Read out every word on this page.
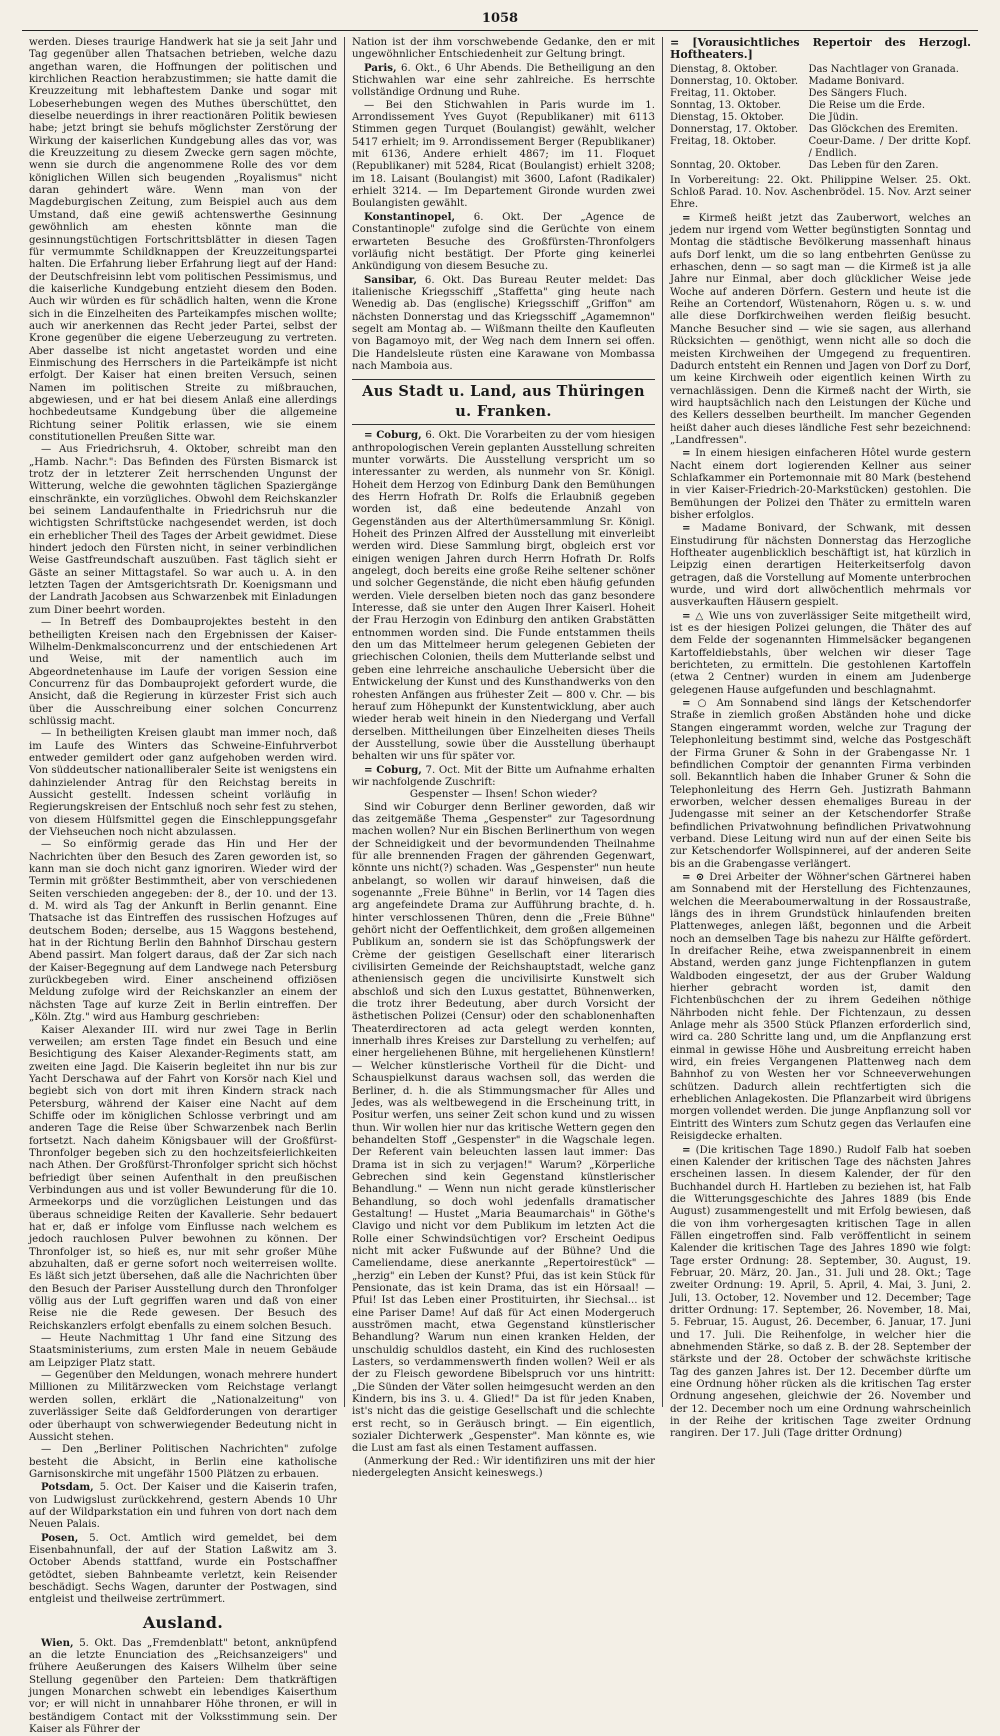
1058

werden. Dieses traurige Handwerk hat sie ja seit Jahr und Tag gegenüber allen Thatsachen betrieben, welche dazu angethan waren, die Hoffnungen der politischen und kirchlichen Reaction herabzustimmen; sie hatte damit die Kreuzzeitung mit lebhaftestem Danke und sogar mit Lobeserhebungen wegen des Muthes überschüttet, den dieselbe neuerdings in ihrer reactionären Politik bewiesen habe; jetzt bringt sie behufs möglichster Zerstörung der Wirkung der kaiserlichen Kundgebung alles das vor, was die Kreuzzeitung zu diesem Zwecke gern sagen möchte, wenn sie durch die angenommene Rolle des vor dem königlichen Willen sich beugenden „Royalismus" nicht daran gehindert wäre. Wenn man von der Magdeburgischen Zeitung, zum Beispiel auch aus dem Umstand, daß eine gewiß achtenswerthe Gesinnung gewöhnlich am ehesten könnte man die gesinnungstüchtigen Fortschrittsblätter in diesen Tagen für vermummte Schildknappen der Kreuzzeitungspartei halten. Die Erfahrung lieber Erfahrung liegt auf der Hand: der Deutschfreisinn lebt vom politischen Pessimismus, und die kaiserliche Kundgebung entzieht diesem den Boden. Auch wir würden es für schädlich halten, wenn die Krone sich in die Einzelheiten des Parteikampfes mischen wollte; auch wir anerkennen das Recht jeder Partei, selbst der Krone gegenüber die eigene Ueberzeugung zu vertreten. Aber dasselbe ist nicht angetastet worden und eine Einmischung des Herrschers in die Parteikämpfe ist nicht erfolgt. Der Kaiser hat einen breiten Versuch, seinen Namen im politischen Streite zu mißbrauchen, abgewiesen, und er hat bei diesem Anlaß eine allerdings hochbedeutsame Kundgebung über die allgemeine Richtung seiner Politik erlassen, wie sie einem constitutionellen Preußen Sitte war.

— Aus Friedrichsruh, 4. Oktober, schreibt man den „Hamb. Nachr.": Das Befinden des Fürsten Bismarck ist trotz der in letzterer Zeit herrschenden Ungunst der Witterung, welche die gewohnten täglichen Spaziergänge einschränkte, ein vorzügliches. Obwohl dem Reichskanzler bei seinem Landaufenthalte in Friedrichsruh nur die wichtigsten Schriftstücke nachgesendet werden, ist doch ein erheblicher Theil des Tages der Arbeit gewidmet. Diese hindert jedoch den Fürsten nicht, in seiner verbindlichen Weise Gastfreundschaft auszuüben. Fast täglich sieht er Gäste an seiner Mittagstafel. So war auch u. A. in den letzten Tagen der Amtsgerichtsrath Dr. Koenigsmann und der Landrath Jacobsen aus Schwarzenbek mit Einladungen zum Diner beehrt worden.

— In Betreff des Dombauprojektes besteht in den betheiligten Kreisen nach den Ergebnissen der Kaiser-Wilhelm-Denkmalsconcurrenz und der entschiedenen Art und Weise, mit der namentlich auch im Abgeordnetenhause im Laufe der vorigen Session eine Concurrenz für das Dombauprojekt gefordert wurde, die Ansicht, daß die Regierung in kürzester Frist sich auch über die Ausschreibung einer solchen Concurrenz schlüssig macht.

— In betheiligten Kreisen glaubt man immer noch, daß im Laufe des Winters das Schweine-Einfuhrverbot entweder gemildert oder ganz aufgehoben werden wird. Von süddeutscher nationalliberaler Seite ist wenigstens ein dahinzielender Antrag für den Reichstag bereits in Aussicht gestellt. Indessen scheint vorläufig in Regierungskreisen der Entschluß noch sehr fest zu stehen, von diesem Hülfsmittel gegen die Einschleppungsgefahr der Viehseuchen noch nicht abzulassen.

— So einförmig gerade das Hin und Her der Nachrichten über den Besuch des Zaren geworden ist, so kann man sie doch nicht ganz ignoriren. Wieder wird der Termin mit größter Bestimmtheit, aber von verschiedenen Seiten verschieden angegeben: der 8., der 10. und der 13. d. M. wird als Tag der Ankunft in Berlin genannt. Eine Thatsache ist das Eintreffen des russischen Hofzuges auf deutschem Boden; derselbe, aus 15 Waggons bestehend, hat in der Richtung Berlin den Bahnhof Dirschau gestern Abend passirt. Man folgert daraus, daß der Zar sich nach der Kaiser-Begegnung auf dem Landwege nach Petersburg zurückbegeben wird. Einer anscheinend offiziösen Meldung zufolge wird der Reichskanzler an einem der nächsten Tage auf kurze Zeit in Berlin eintreffen. Der „Köln. Ztg." wird aus Hamburg geschrieben:

Kaiser Alexander III. wird nur zwei Tage in Berlin verweilen; am ersten Tage findet ein Besuch und eine Besichtigung des Kaiser Alexander-Regiments statt, am zweiten eine Jagd. Die Kaiserin begleitet ihn nur bis zur Yacht Derschawa auf der Fahrt von Korsör nach Kiel und begiebt sich von dort mit ihren Kindern strack nach Petersburg, während der Kaiser eine Nacht auf dem Schiffe oder im königlichen Schlosse verbringt und am anderen Tage die Reise über Schwarzenbek nach Berlin fortsetzt. Nach daheim Königsbauer will der Großfürst-Thronfolger begeben sich zu den hochzeitsfeierlichkeiten nach Athen. Der Großfürst-Thronfolger spricht sich höchst befriedigt über seinen Aufenthalt in den preußischen Verbindungen aus und ist voller Bewunderung für die 10. Armeekorps und die vorzüglichen Leistungen und das überaus schneidige Reiten der Kavallerie. Sehr bedauert hat er, daß er infolge vom Einflusse nach welchem es jedoch rauchlosen Pulver bewohnen zu können. Der Thronfolger ist, so hieß es, nur mit sehr großer Mühe abzuhalten, daß er gerne sofort noch weiterreisen wollte. Es läßt sich jetzt übersehen, daß alle die Nachrichten über den Besuch der Pariser Ausstellung durch den Thronfolger völlig aus der Luft gegriffen waren und daß von einer Reise nie die Rede gewesen. Der Besuch des Reichskanzlers erfolgt ebenfalls zu einem solchen Besuch.

— Heute Nachmittag 1 Uhr fand eine Sitzung des Staatsministeriums, zum ersten Male in neuem Gebäude am Leipziger Platz statt.

— Gegenüber den Meldungen, wonach mehrere hundert Millionen zu Militärzwecken vom Reichstage verlangt werden sollen, erklärt die „Nationalzeitung" von zuverlässiger Seite daß Geldforderungen von derartiger oder überhaupt von schwerwiegender Bedeutung nicht in Aussicht stehen.

— Den „Berliner Politischen Nachrichten" zufolge besteht die Absicht, in Berlin eine katholische Garnisonskirche mit ungefähr 1500 Plätzen zu erbauen.

Potsdam, 5. Oct. Der Kaiser und die Kaiserin trafen, von Ludwigslust zurückkehrend, gestern Abends 10 Uhr auf der Wildparkstation ein und fuhren von dort nach dem Neuen Palais.

Posen, 5. Oct. Amtlich wird gemeldet, bei dem Eisenbahnunfall, der auf der Station Laßwitz am 3. October Abends stattfand, wurde ein Postschaffner getödtet, sieben Bahnbeamte verletzt, kein Reisender beschädigt. Sechs Wagen, darunter der Postwagen, sind entgleist und theilweise zertrümmert.

Ausland.

Wien, 5. Okt. Das „Fremdenblatt" betont, anknüpfend an die letzte Enunciation des „Reichsanzeigers" und frühere Aeußerungen des Kaisers Wilhelm über seine Stellung gegenüber den Parteien: Dem thatkräftigen jungen Monarchen schwebt ein lebendiges Kaiserthum vor; er will nicht in unnahbarer Höhe thronen, er will in beständigem Contact mit der Volksstimmung sein. Der Kaiser als Führer der

Nation ist der ihm vorschwebende Gedanke, den er mit ungewöhnlicher Entschiedenheit zur Geltung bringt.

Paris, 6. Okt., 6 Uhr Abends. Die Betheiligung an den Stichwahlen war eine sehr zahlreiche. Es herrschte vollständige Ordnung und Ruhe.

— Bei den Stichwahlen in Paris wurde im 1. Arrondissement Yves Guyot (Republikaner) mit 6113 Stimmen gegen Turquet (Boulangist) gewählt, welcher 5417 erhielt; im 9. Arrondissement Berger (Republikaner) mit 6136, Andere erhielt 4867; im 11. Floquet (Republikaner) mit 5284, Ricat (Boulangist) erhielt 3208; im 18. Laisant (Boulangist) mit 3600, Lafont (Radikaler) erhielt 3214. — Im Departement Gironde wurden zwei Boulangisten gewählt.

Konstantinopel, 6. Okt. Der „Agence de Constantinople" zufolge sind die Gerüchte von einem erwarteten Besuche des Großfürsten-Thronfolgers vorläufig nicht bestätigt. Der Pforte ging keinerlei Ankündigung von diesem Besuche zu.

Sansibar, 6. Okt. Das Bureau Reuter meldet: Das italienische Kriegsschiff „Staffetta" ging heute nach Wenedig ab. Das (englische) Kriegsschiff „Griffon" am nächsten Donnerstag und das Kriegsschiff „Agamemnon" segelt am Montag ab. — Wißmann theilte den Kaufleuten von Bagamoyo mit, der Weg nach dem Innern sei offen. Die Handelsleute rüsten eine Karawane von Mombassa nach Mamboia aus.

Aus Stadt u. Land, aus Thüringen u. Franken.

= Coburg, 6. Okt. Die Vorarbeiten zu der vom hiesigen anthropologischen Verein geplanten Ausstellung schreiten munter vorwärts. Die Ausstellung verspricht um so interessanter zu werden, als nunmehr von Sr. Königl. Hoheit dem Herzog von Edinburg Dank den Bemühungen des Herrn Hofrath Dr. Rolfs die Erlaubniß gegeben worden ist, daß eine bedeutende Anzahl von Gegenständen aus der Alterthümersammlung Sr. Königl. Hoheit des Prinzen Alfred der Ausstellung mit einverleibt werden wird. Diese Sammlung birgt, obgleich erst vor einigen wenigen Jahren durch Herrn Hofrath Dr. Rolfs angelegt, doch bereits eine große Reihe seltener schöner und solcher Gegenstände, die nicht eben häufig gefunden werden. Viele derselben bieten noch das ganz besondere Interesse, daß sie unter den Augen Ihrer Kaiserl. Hoheit der Frau Herzogin von Edinburg den antiken Grabstätten entnommen worden sind. Die Funde entstammen theils den um das Mittelmeer herum gelegenen Gebieten der griechischen Colonien, theils dem Mutterlande selbst und geben eine lehrreiche anschauliche Uebersicht über die Entwickelung der Kunst und des Kunsthandwerks von den rohesten Anfängen aus frühester Zeit — 800 v. Chr. — bis herauf zum Höhepunkt der Kunstentwicklung, aber auch wieder herab weit hinein in den Niedergang und Verfall derselben. Mittheilungen über Einzelheiten dieses Theils der Ausstellung, sowie über die Ausstellung überhaupt behalten wir uns für später vor.

= Coburg, 7. Oct. Mit der Bitte um Aufnahme erhalten wir nachfolgende Zuschrift:

Gespenster — Ihsen! Schon wieder?

Sind wir Coburger denn Berliner geworden, daß wir das zeitgemäße Thema „Gespenster" zur Tagesordnung machen wollen? Nur ein Bischen Berlinerthum von wegen der Schneidigkeit und der bevormundenden Theilnahme für alle brennenden Fragen der gährenden Gegenwart, könnte uns nicht(?) schaden. Was „Gespenster" nun heute anbelangt, so wollen wir darauf hinweisen, daß die sogenannte „Freie Bühne" in Berlin, vor 14 Tagen dies arg angefeindete Drama zur Aufführung brachte, d. h. hinter verschlossenen Thüren, denn die „Freie Bühne" gehört nicht der Oeffentlichkeit, dem großen allgemeinen Publikum an, sondern sie ist das Schöpfungswerk der Crème der geistigen Gesellschaft einer literarisch civilisirten Gemeinde der Reichshauptstadt, welche ganz atheniensisch gegen die uncivilisirte Kunstwelt sich abschloß und sich den Luxus gestattet, Bühnenwerken, die trotz ihrer Bedeutung, aber durch Vorsicht der ästhetischen Polizei (Censur) oder den schablonenhaften Theaterdirectoren ad acta gelegt werden konnten, innerhalb ihres Kreises zur Darstellung zu verhelfen; auf einer hergeliehenen Bühne, mit hergeliehenen Künstlern! — Welcher künstlerische Vortheil für die Dicht- und Schauspielkunst daraus wachsen soll, das werden die Berliner, d. h. die als Stimmungsmacher für Alles und Jedes, was als weltbewegend in die Erscheinung tritt, in Positur werfen, uns seiner Zeit schon kund und zu wissen thun. Wir wollen hier nur das kritische Wettern gegen den behandelten Stoff „Gespenster" in die Wagschale legen. Der Referent vain beleuchten lassen laut immer: Das Drama ist in sich zu verjagen!" Warum? „Körperliche Gebrechen sind kein Gegenstand künstlerischer Behandlung." — Wenn nun nicht gerade künstlerischer Behandlung, so doch wohl jedenfalls dramatischer Gestaltung! — Hustet „Maria Beaumarchais" in Göthe's Clavigo und nicht vor dem Publikum im letzten Act die Rolle einer Schwindsüchtigen vor? Erscheint Oedipus nicht mit acker Fußwunde auf der Bühne? Und die Cameliendame, diese anerkannte „Repertoirestück" — „herzig" ein Leben der Kunst? Pfui, das ist kein Stück für Pensionate, das ist kein Drama, das ist ein Hörsaal! — Pfui! Ist das Leben einer Prostituirten, ihr Siechsal... ist eine Pariser Dame! Auf daß für Act einen Modergeruch ausströmen macht, etwa Gegenstand künstlerischer Behandlung? Warum nun einen kranken Helden, der unschuldig schuldlos dasteht, ein Kind des ruchlosesten Lasters, so verdammenswerth finden wollen? Weil er als der zu Fleisch gewordene Bibelspruch vor uns hintritt: „Die Sünden der Väter sollen heimgesucht werden an den Kindern, bis ins 3. u. 4. Glied!" Da ist für jeden Knaben, ist's nicht das die geistige Gesellschaft und die schlechte erst recht, so in Geräusch bringt. — Ein eigentlich, sozialer Dichterwerk „Gespenster". Man könnte es, wie die Lust am fast als einen Testament auffassen.

(Anmerkung der Red.: Wir identifiziren uns mit der hier niedergelegten Ansicht keineswegs.)

= [Vorausichtliches Repertoir des Herzogl. Hoftheaters.]
Dienstag, 8. Oktober.	Das Nachtlager von Granada.
Donnerstag, 10. Oktober.	Madame Bonivard.
Freitag, 11. Oktober.	Des Sängers Fluch.
Sonntag, 13. Oktober.	Die Reise um die Erde.
Dienstag, 15. Oktober.	Die Jüdin.
Donnerstag, 17. Oktober.	Das Glöckchen des Eremiten.
Freitag, 18. Oktober.	Coeur-Dame. / Der dritte Kopf. / Endlich.
Sonntag, 20. Oktober.	Das Leben für den Zaren.

In Vorbereitung: 22. Okt. Philippine Welser. 25. Okt. Schloß Parad. 10. Nov. Aschenbrödel. 15. Nov. Arzt seiner Ehre.

= Kirmeß heißt jetzt das Zauberwort, welches an jedem nur irgend vom Wetter begünstigten Sonntag und Montag die städtische Bevölkerung massenhaft hinaus aufs Dorf lenkt, um die so lang entbehrten Genüsse zu erhaschen, denn — so sagt man — die Kirmeß ist ja alle Jahre nur Einmal, aber doch glücklicher Weise jede Woche auf anderen Dörfern. Gestern und heute ist die Reihe an Cortendorf, Wüstenahorn, Rögen u. s. w. und alle diese Dorfkirchweihen werden fleißig besucht. Manche Besucher sind — wie sie sagen, aus allerhand Rücksichten — genöthigt, wenn nicht alle so doch die meisten Kirchweihen der Umgegend zu frequentiren. Dadurch entsteht ein Rennen und Jagen von Dorf zu Dorf, um keine Kirchweih oder eigentlich keinen Wirth zu vernachlässigen. Denn die Kirmeß nacht der Wirth, sie wird hauptsächlich nach den Leistungen der Küche und des Kellers desselben beurtheilt. Im mancher Gegenden heißt daher auch dieses ländliche Fest sehr bezeichnend: „Landfressen".

= In einem hiesigen einfacheren Hôtel wurde gestern Nacht einem dort logierenden Kellner aus seiner Schlafkammer ein Portemonnaie mit 80 Mark (bestehend in vier Kaiser-Friedrich-20-Markstücken) gestohlen. Die Bemühungen der Polizei den Thäter zu ermitteln waren bisher erfolglos.

= Madame Bonivard, der Schwank, mit dessen Einstudirung für nächsten Donnerstag das Herzogliche Hoftheater augenblicklich beschäftigt ist, hat kürzlich in Leipzig einen derartigen Heiterkeitserfolg davon getragen, daß die Vorstellung auf Momente unterbrochen wurde, und wird dort allwöchentlich mehrmals vor ausverkauften Häusern gespielt.

= △ Wie uns von zuverlässiger Seite mitgetheilt wird, ist es der hiesigen Polizei gelungen, die Thäter des auf dem Felde der sogenannten Himmelsäcker begangenen Kartoffeldiebstahls, über welchen wir dieser Tage berichteten, zu ermitteln. Die gestohlenen Kartoffeln (etwa 2 Centner) wurden in einem am Judenberge gelegenen Hause aufgefunden und beschlagnahmt.

= ○ Am Sonnabend sind längs der Ketschendorfer Straße in ziemlich großen Abständen hohe und dicke Stangen eingerammt worden, welche zur Tragung der Telephonleitung bestimmt sind, welche das Postgeschäft der Firma Gruner & Sohn in der Grabengasse Nr. 1 befindlichen Comptoir der genannten Firma verbinden soll. Bekanntlich haben die Inhaber Gruner & Sohn die Telephonleitung des Herrn Geh. Justizrath Bahmann erworben, welcher dessen ehemaliges Bureau in der Judengasse mit seiner an der Ketschendorfer Straße befindlichen Privatwohnung befindlichen Privatwohnung verband. Diese Leitung wird nun auf der einen Seite bis zur Ketschendorfer Wollspinnerei, auf der anderen Seite bis an die Grabengasse verlängert.

= ⊙ Drei Arbeiter der Wöhner'schen Gärtnerei haben am Sonnabend mit der Herstellung des Fichtenzaunes, welchen die Meeraboumerwaltung in der Rossaustraße, längs des in ihrem Grundstück hinlaufenden breiten Plattenweges, anlegen läßt, begonnen und die Arbeit noch an demselben Tage bis nahezu zur Hälfte gefördert. In dreifacher Reihe, etwa zweispannenbreit in einem Abstand, werden ganz junge Fichtenpflanzen in gutem Waldboden eingesetzt, der aus der Gruber Waldung hierher gebracht worden ist, damit den Fichtenbüschchen der zu ihrem Gedeihen nöthige Nährboden nicht fehle. Der Fichtenzaun, zu dessen Anlage mehr als 3500 Stück Pflanzen erforderlich sind, wird ca. 280 Schritte lang und, um die Anpflanzung erst einmal in gewisse Höhe und Ausbreitung erreicht haben wird, ein freies Vergangenen Plattenweg nach dem Bahnhof zu von Westen her vor Schneeverwehungen schützen. Dadurch allein rechtfertigten sich die erheblichen Anlagekosten. Die Pflanzarbeit wird übrigens morgen vollendet werden. Die junge Anpflanzung soll vor Eintritt des Winters zum Schutz gegen das Verlaufen eine Reisigdecke erhalten.

= (Die kritischen Tage 1890.) Rudolf Falb hat soeben einen Kalender der kritischen Tage des nächsten Jahres erscheinen lassen. In diesem Kalender, der für den Buchhandel durch H. Hartleben zu beziehen ist, hat Falb die Witterungsgeschichte des Jahres 1889 (bis Ende August) zusammengestellt und mit Erfolg bewiesen, daß die von ihm vorhergesagten kritischen Tage in allen Fällen eingetroffen sind. Falb veröffentlicht in seinem Kalender die kritischen Tage des Jahres 1890 wie folgt: Tage erster Ordnung: 28. September, 30. August, 19. Februar, 20. März, 20. Jan., 31. Juli und 28. Okt.; Tage zweiter Ordnung: 19. April, 5. April, 4. Mai, 3. Juni, 2. Juli, 13. October, 12. November und 12. December; Tage dritter Ordnung: 17. September, 26. November, 18. Mai, 5. Februar, 15. August, 26. December, 6. Januar, 17. Juni und 17. Juli. Die Reihenfolge, in welcher hier die abnehmenden Stärke, so daß z. B. der 28. September der stärkste und der 28. October der schwächste kritische Tag des ganzen Jahres ist. Der 12. December dürfte um eine Ordnung höher rücken als die kritischen Tag erster Ordnung angesehen, gleichwie der 26. November und der 12. December noch um eine Ordnung wahrscheinlich in der Reihe der kritischen Tage zweiter Ordnung rangiren. Der 17. Juli (Tage dritter Ordnung)
